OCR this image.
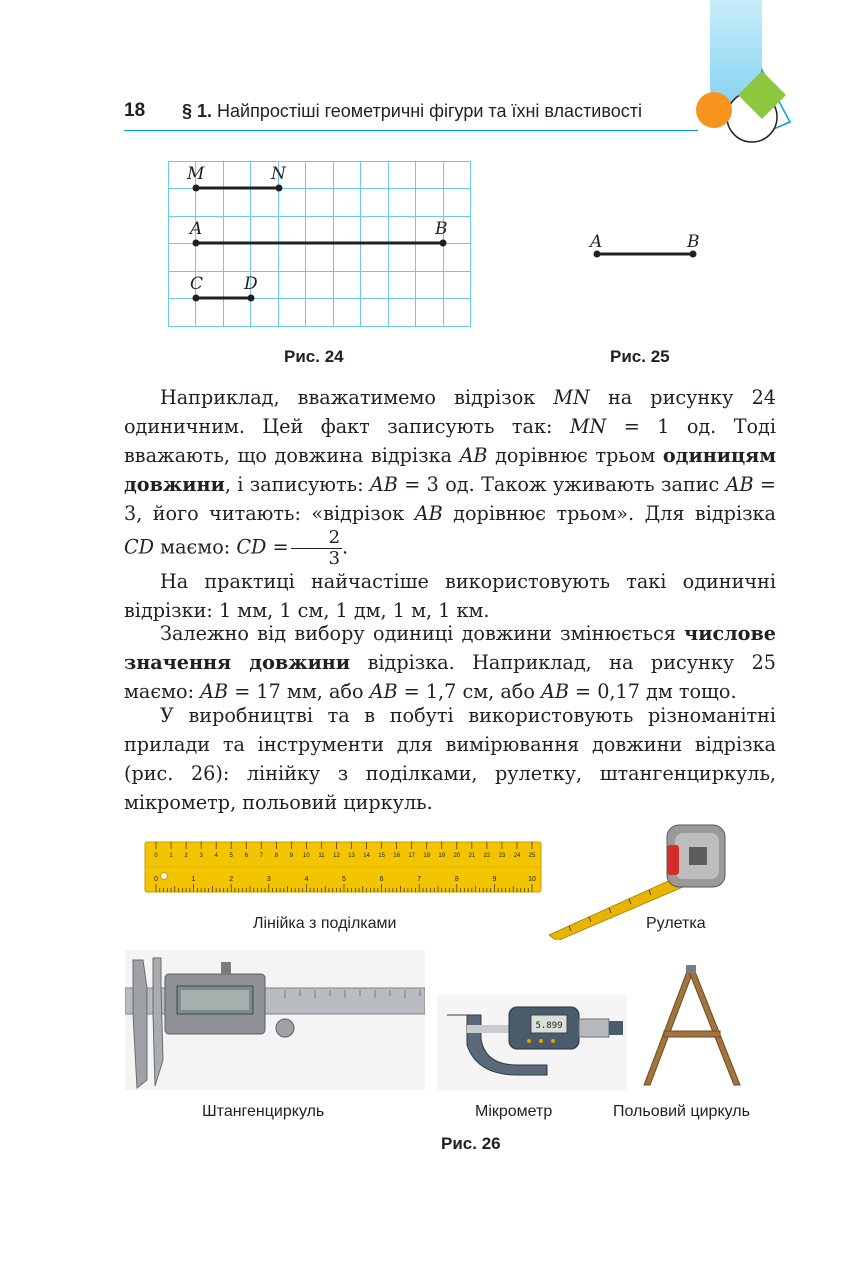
18 § 1. Найпростіші геометричні фігури та їхні властивості
M	N
A	B
C D
Рис. 24
A	B
Рис. 25

Наприклад, вважатимемо відрізок MN на рисунку 24 одиничним. Цей факт записують так: MN = 1 од. Тоді вважають, що довжина відрізка AB дорівнює трьом одиницям довжини, і записують: AB = 3 од. Також уживають запис AB = 3, його читають: «відрізок AB дорівнює трьом». Для відрізка CD маємо: CD = $\frac{2}{3}$ .

На практиці найчастіше використовують такі одиничні відрізки: 1 мм, 1 см, 1 дм, 1 м, 1 км.

Залежно від вибору одиниці довжини змінюється числове значення довжини відрізка. Наприклад, на рисунку 25 маємо: AB = 17 мм, або AB = 1,7 см, або AB = 0,17 дм тощо.

У виробництві та в побуті використовують різноманітні прилади та інструменти для вимірювання довжини відрізка (рис. 26): лінійку з поділками, рулетку, штангенциркуль, мікрометр, польовий циркуль.

0 1 2 3 4 5 6 7 8 9 10 11 12 13 14 15 16 17 18 19 20 21 22 23 24 25
0	1	2	3	4	5	6	7	8	9	10
Лінійка з поділками	Рулетка
Штангенциркуль
5.899
Мікрометр	Польовий циркуль
Рис. 26
